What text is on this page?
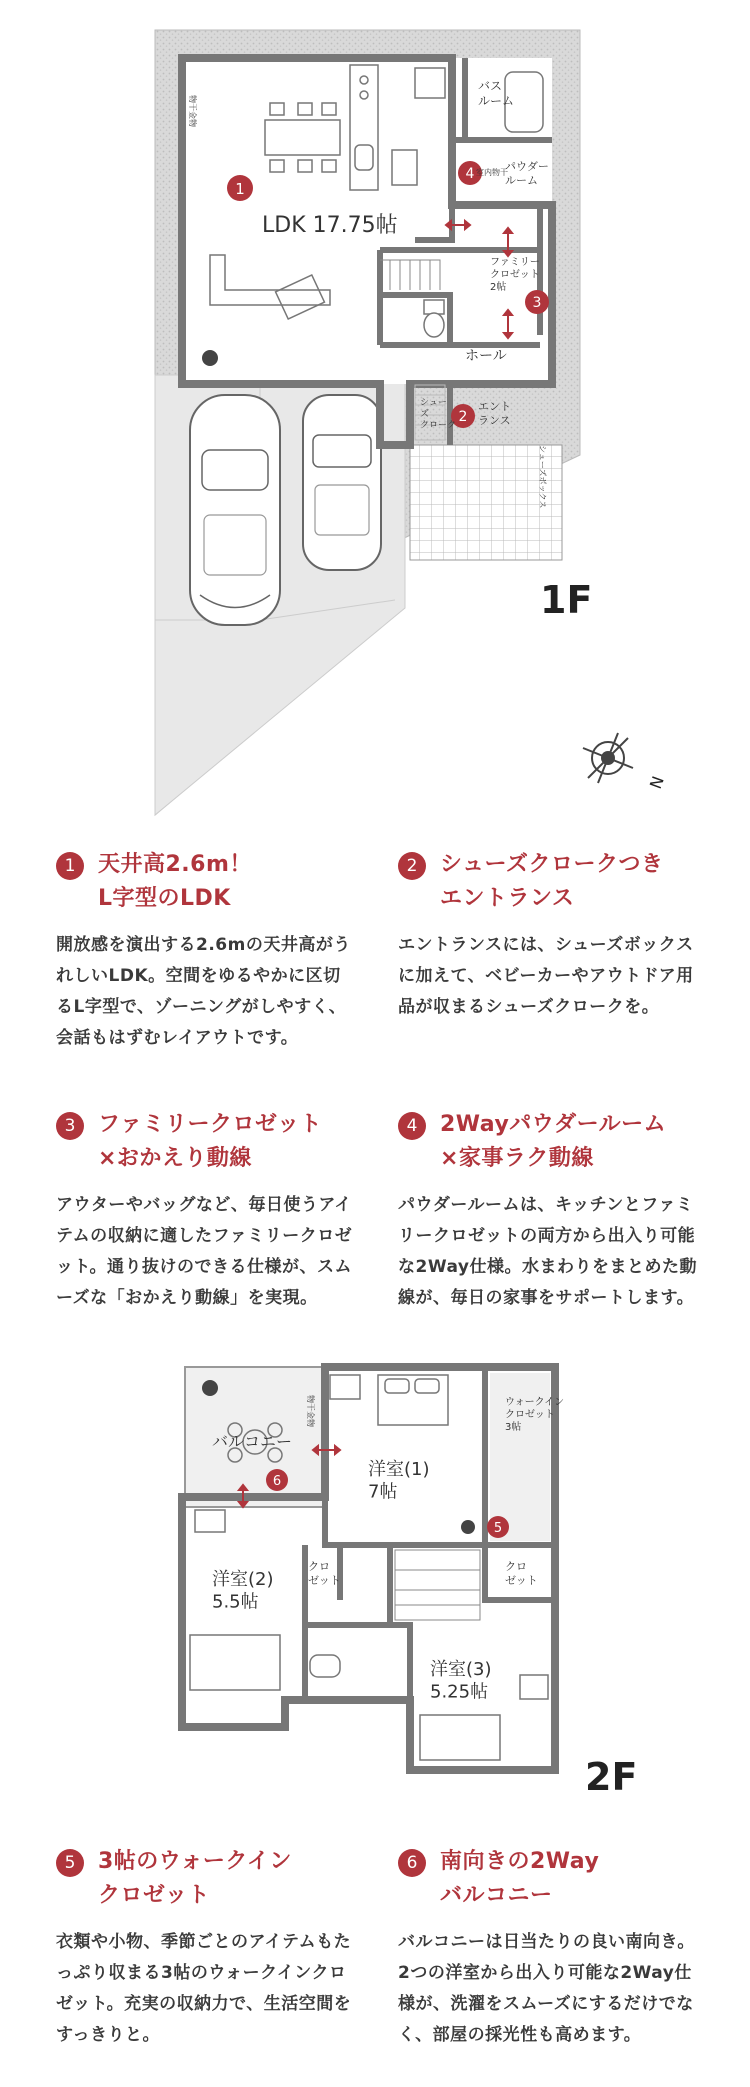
1
2
3
4
LDK 17.75帖
ホール
バスルーム
パウダールーム
ファミリークロゼット 2帖
エントランス
シューズクローク
シューズボックス
物干金物
室内物干
N
1F
1	天井高2.6m！
L字型のLDK
開放感を演出する2.6mの天井高がうれしいLDK。空間をゆるやかに区切るL字型で、ゾーニングがしやすく、会話もはずむレイアウトです。
2	シューズクロークつき
エントランス
エントランスには、シューズボックスに加えて、ベビーカーやアウトドア用品が収まるシューズクロークを。
3	ファミリークロゼット
×おかえり動線
アウターやバッグなど、毎日使うアイテムの収納に適したファミリークロゼット。通り抜けのできる仕様が、スムーズな「おかえり動線」を実現。
4	2Wayパウダールーム
×家事ラク動線
パウダールームは、キッチンとファミリークロゼットの両方から出入り可能な2Way仕様。水まわりをまとめた動線が、毎日の家事をサポートします。
5
6
バルコニー
洋室(1) 7帖
ウォークインクロゼット 3帖
洋室(2) 5.5帖
クロゼット
クロゼット
洋室(3) 5.25帖
物干金物
2F
5	3帖のウォークイン
クロゼット
衣類や小物、季節ごとのアイテムもたっぷり収まる3帖のウォークインクロゼット。充実の収納力で、生活空間をすっきりと。
6	南向きの2Way
バルコニー
バルコニーは日当たりの良い南向き。2つの洋室から出入り可能な2Way仕様が、洗濯をスムーズにするだけでなく、部屋の採光性も高めます。
